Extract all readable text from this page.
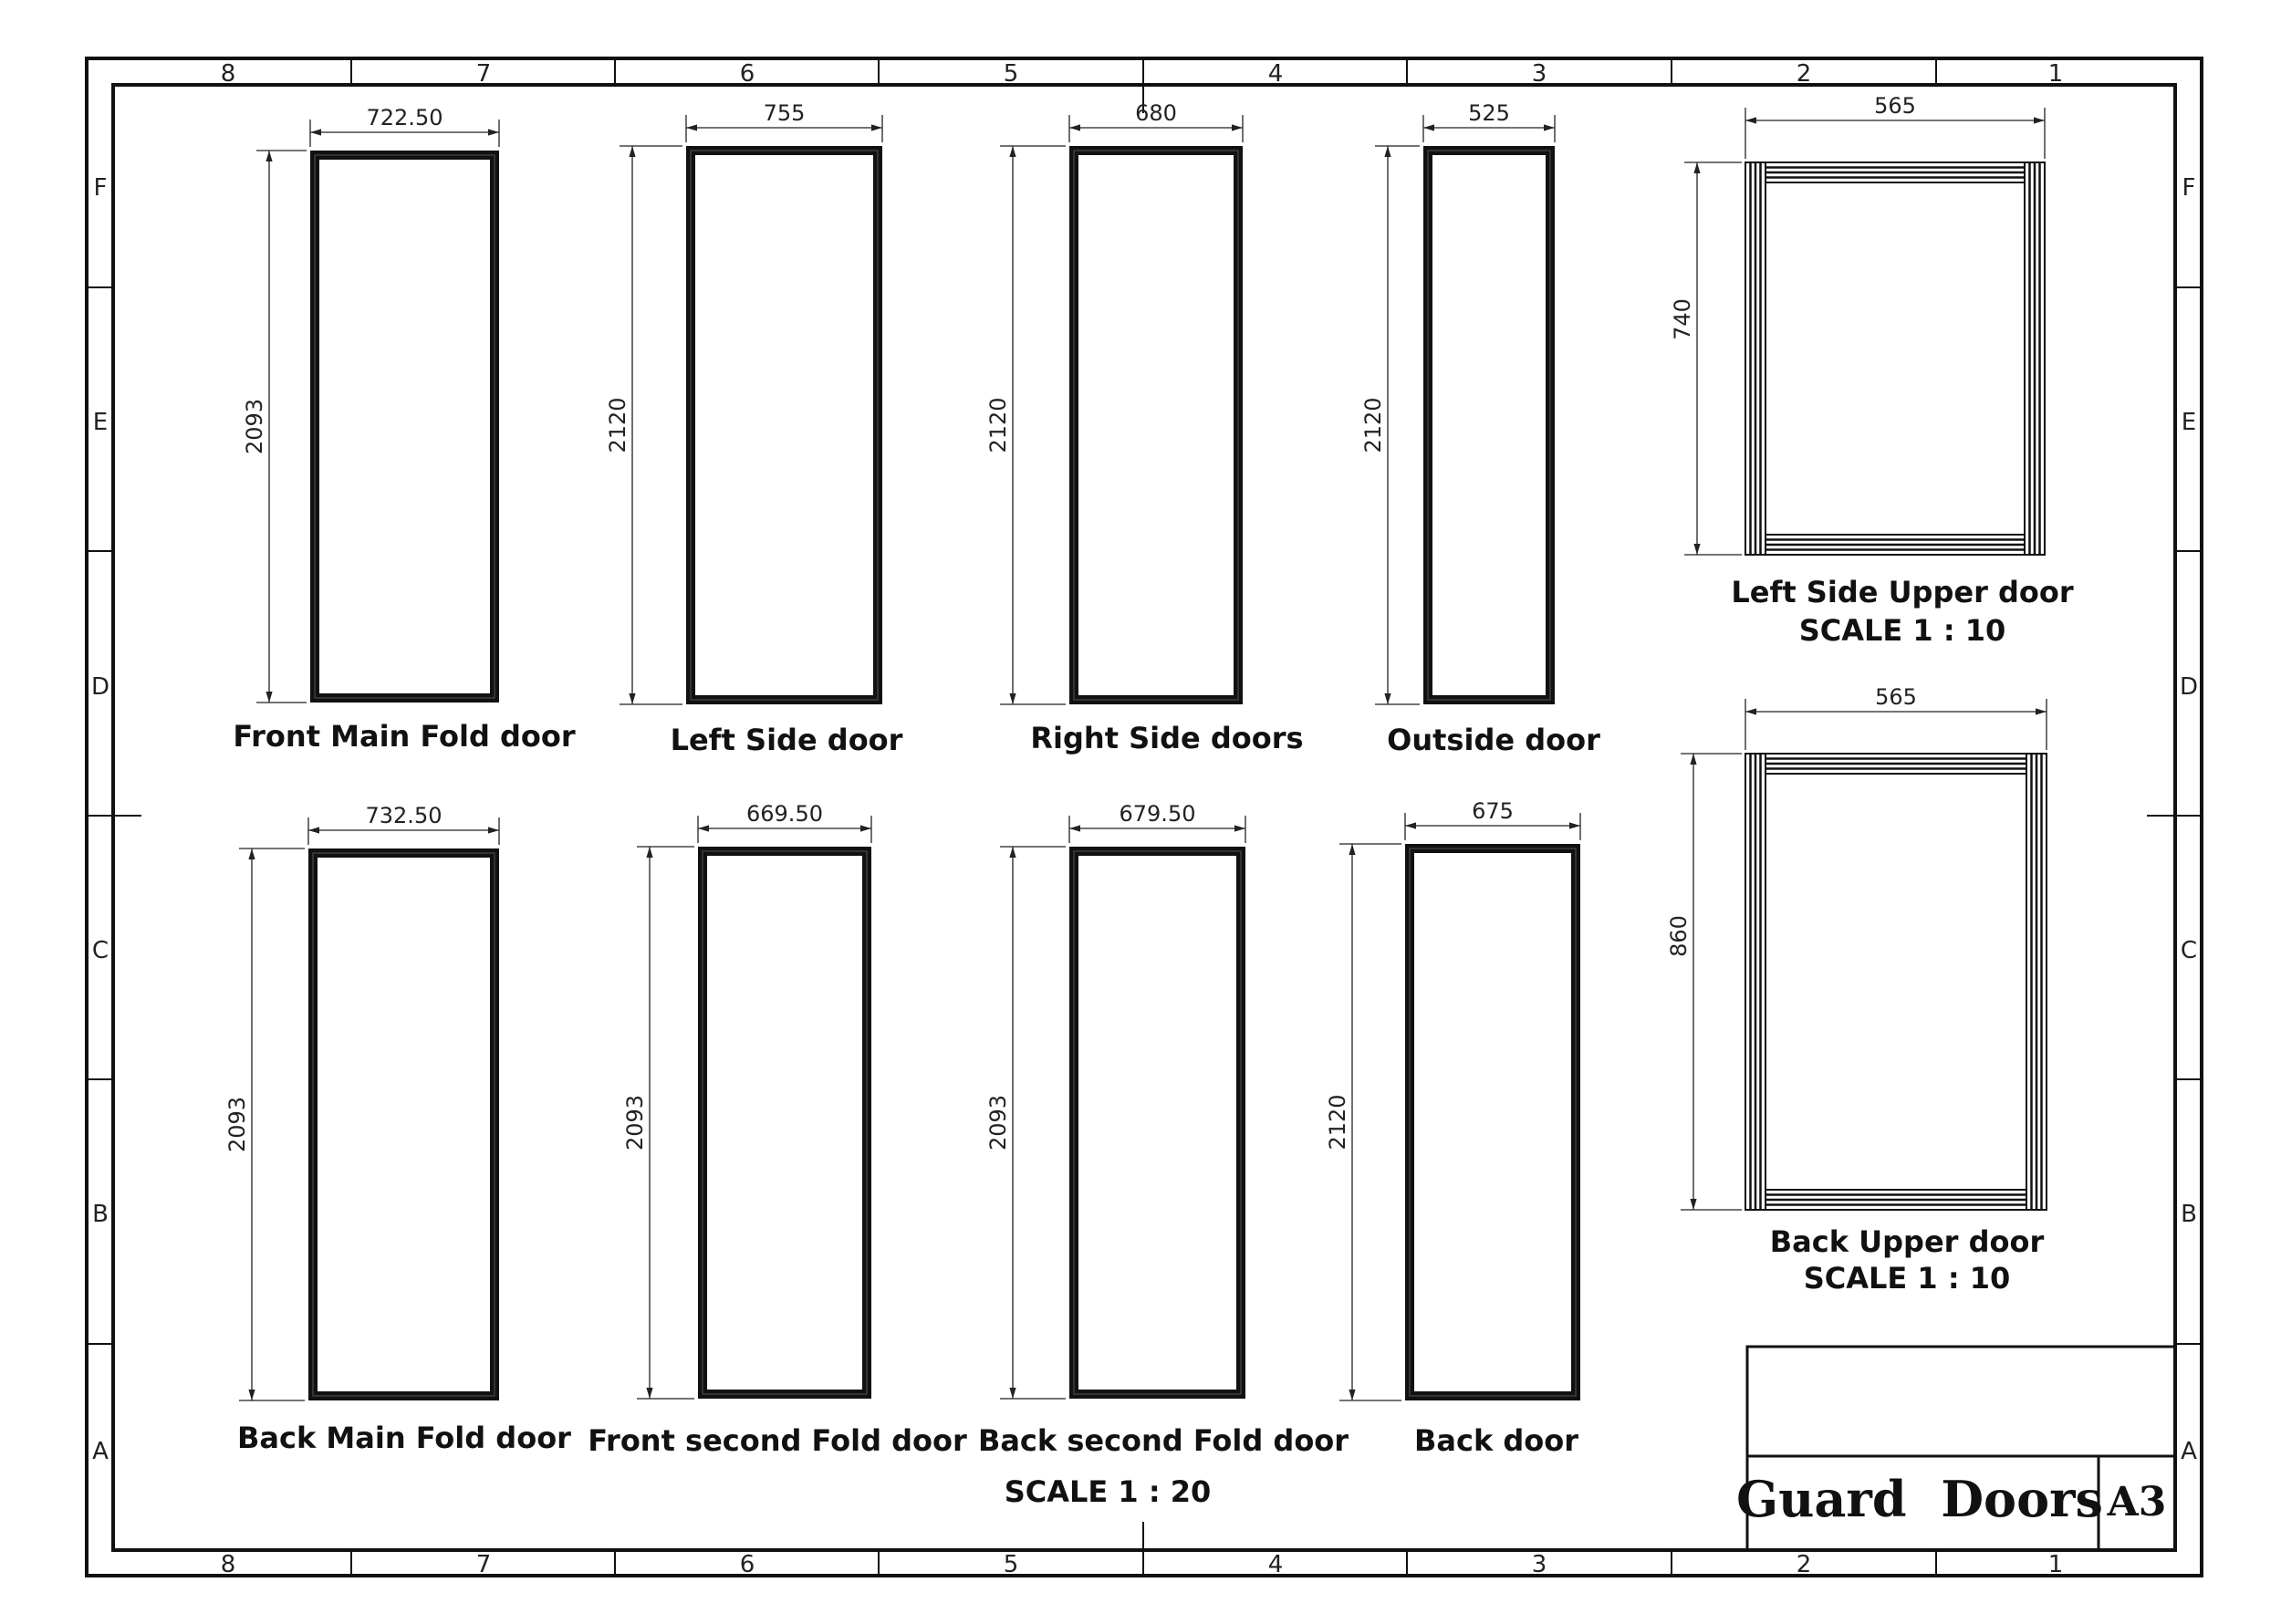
8
8
7
7
6
6
5
5
4
4
3
3
2
2
1
1
F	F
E	E
D	D
C	C
B	B
A	A
722.50
2093
Front Main Fold door
755
2120
Left Side door
680
2120
Right Side doors
525
2120
Outside door
732.50
2093
Back Main Fold door
669.50
2093
Front second Fold door
679.50
2093
Back second Fold door
675
2120
Back door
565
740
Left Side Upper door
SCALE 1 : 10
565
860
Back Upper door
SCALE 1 : 10
SCALE 1 : 20	Guard  Doors A3
